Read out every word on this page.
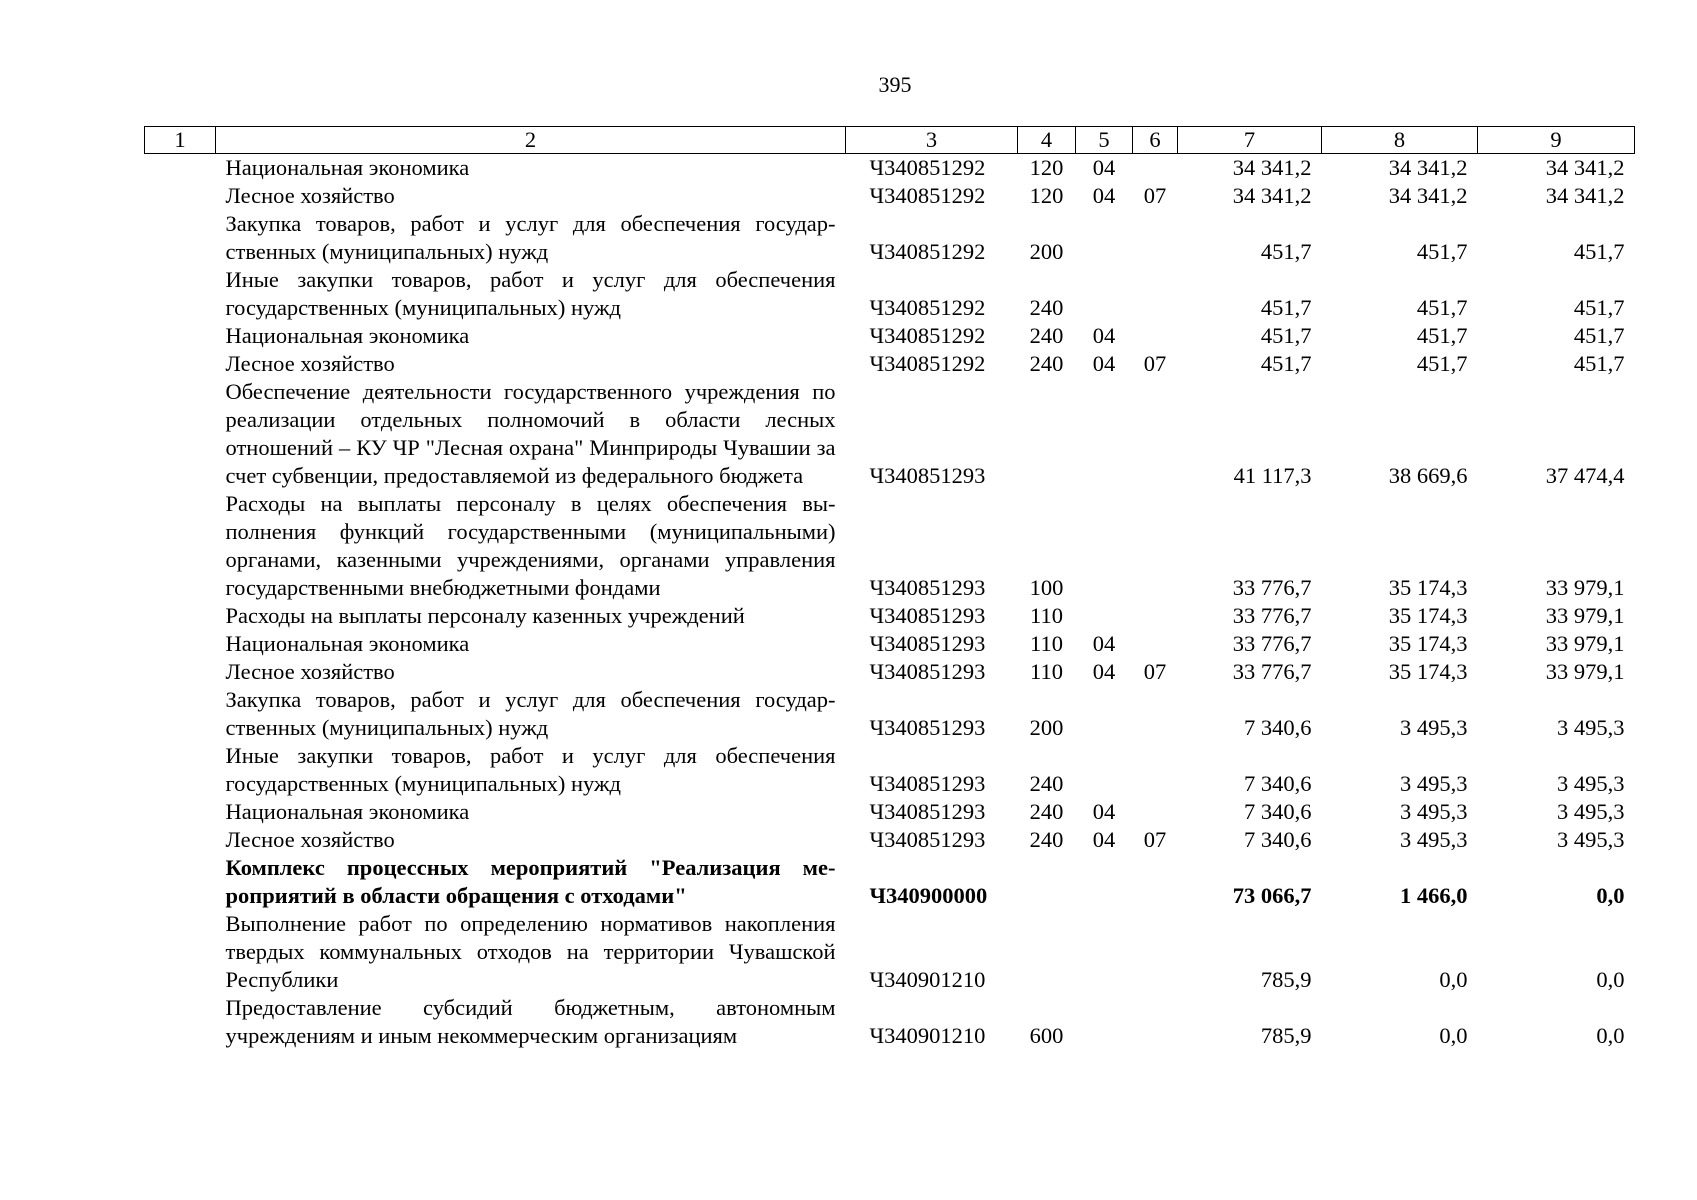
395
1	2	3	4	5	6	7	8	9
	Национальная экономика	Ч340851292	120	04		34 341,2	34 341,2	34 341,2
	Лесное хозяйство	Ч340851292	120	04	07	34 341,2	34 341,2	34 341,2
	Закупка товаров, работ и услуг для обеспечения государственных (муниципальных) нужд	Ч340851292	200			451,7	451,7	451,7
	Иные закупки товаров, работ и услуг для обеспечения государственных (муниципальных) нужд	Ч340851292	240			451,7	451,7	451,7
	Национальная экономика	Ч340851292	240	04		451,7	451,7	451,7
	Лесное хозяйство	Ч340851292	240	04	07	451,7	451,7	451,7
	Обеспечение деятельности государственного учреждения по реализации отдельных полномочий в области лесных отношений – КУ ЧР "Лесная охрана" Минприроды Чувашии за счет субвенции, предоставляемой из федерального бюджета	Ч340851293				41 117,3	38 669,6	37 474,4
	Расходы на выплаты персоналу в целях обеспечения выполнения функций государственными (муниципальными) органами, казенными учреждениями, органами управления государственными внебюджетными фондами	Ч340851293	100			33 776,7	35 174,3	33 979,1
	Расходы на выплаты персоналу казенных учреждений	Ч340851293	110			33 776,7	35 174,3	33 979,1
	Национальная экономика	Ч340851293	110	04		33 776,7	35 174,3	33 979,1
	Лесное хозяйство	Ч340851293	110	04	07	33 776,7	35 174,3	33 979,1
	Закупка товаров, работ и услуг для обеспечения государственных (муниципальных) нужд	Ч340851293	200			7 340,6	3 495,3	3 495,3
	Иные закупки товаров, работ и услуг для обеспечения государственных (муниципальных) нужд	Ч340851293	240			7 340,6	3 495,3	3 495,3
	Национальная экономика	Ч340851293	240	04		7 340,6	3 495,3	3 495,3
	Лесное хозяйство	Ч340851293	240	04	07	7 340,6	3 495,3	3 495,3
	Комплекс процессных мероприятий "Реализация мероприятий в области обращения с отходами"	Ч340900000				73 066,7	1 466,0	0,0
	Выполнение работ по определению нормативов накопления твердых коммунальных отходов на территории Чувашской Республики	Ч340901210				785,9	0,0	0,0
	Предоставление субсидий бюджетным, автономным учреждениям и иным некоммерческим организациям	Ч340901210	600			785,9	0,0	0,0
